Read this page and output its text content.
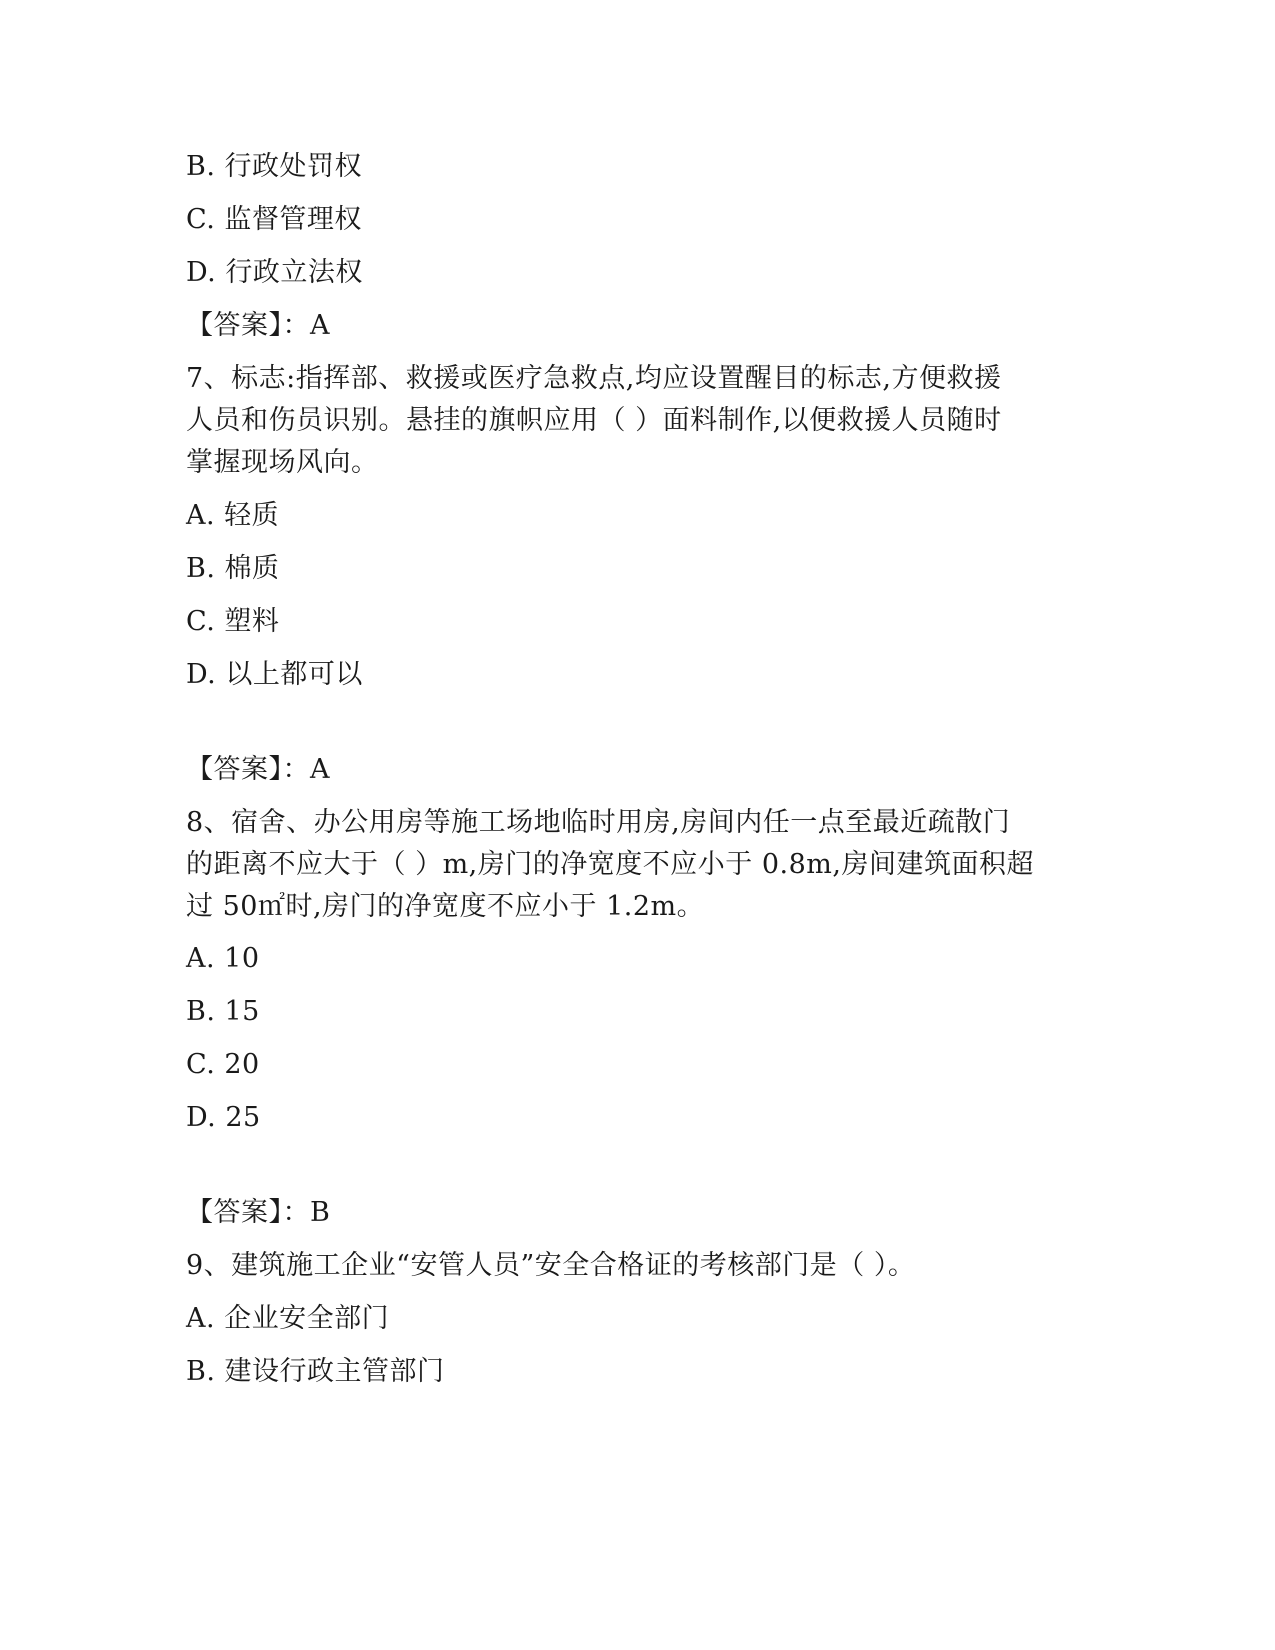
B. 行政处罚权
C. 监督管理权
D. 行政立法权
【答案】：A
7、标志:指挥部、救援或医疗急救点,均应设置醒目的标志,方便救援
人员和伤员识别。悬挂的旗帜应用（ ）面料制作,以便救援人员随时
掌握现场风向。
A. 轻质
B. 棉质
C. 塑料
D. 以上都可以
【答案】：A
8、宿舍、办公用房等施工场地临时用房,房间内任一点至最近疏散门
的距离不应大于（ ）m,房门的净宽度不应小于 0.8m,房间建筑面积超
过 50㎡时,房门的净宽度不应小于 1.2m。
A. 10
B. 15
C. 20
D. 25
【答案】：B
9、建筑施工企业“安管人员”安全合格证的考核部门是（ ）。
A. 企业安全部门
B. 建设行政主管部门
